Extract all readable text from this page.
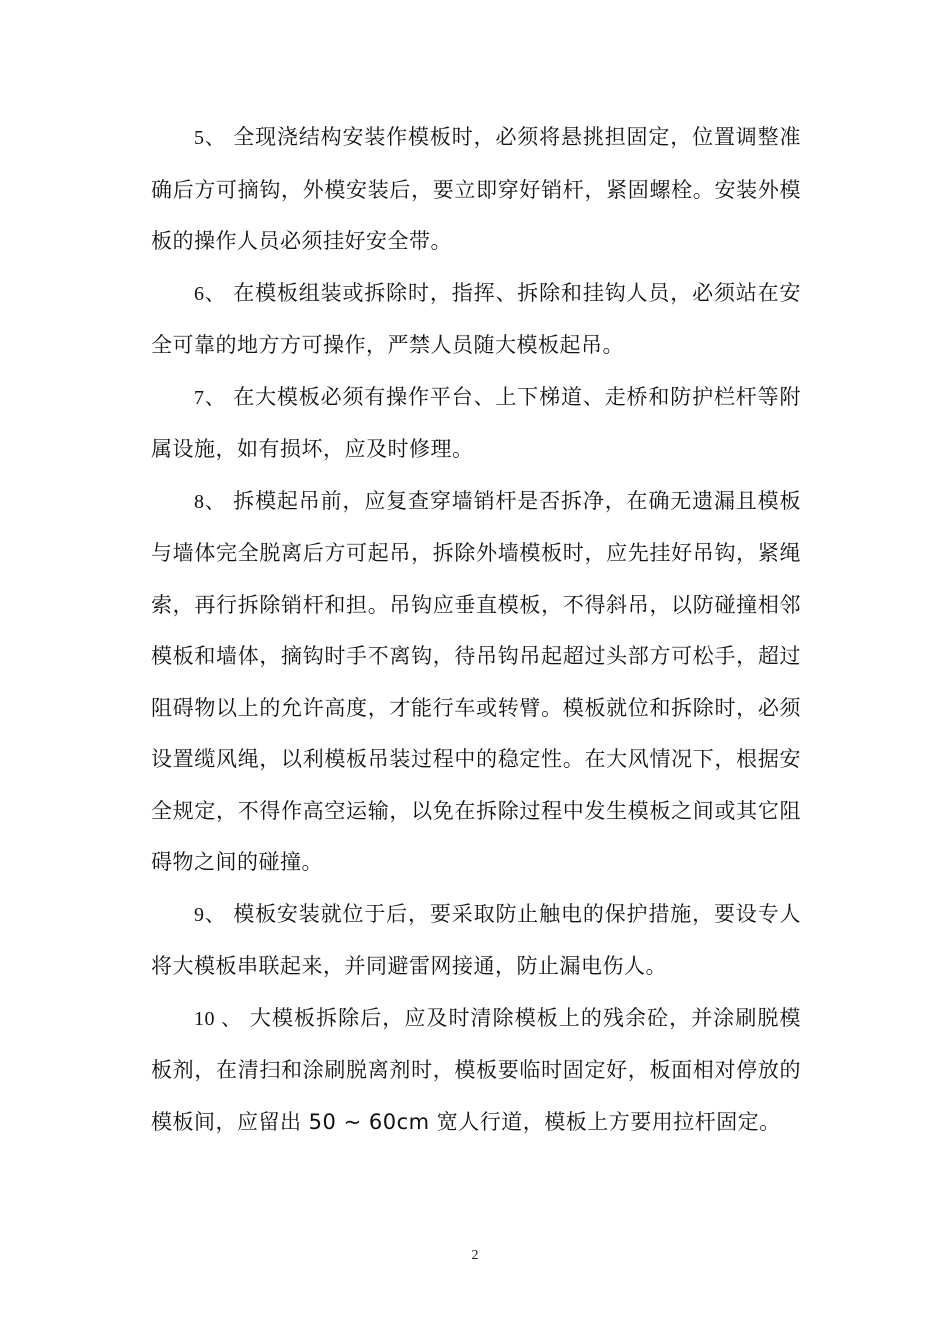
5、 全现浇结构安装作模板时，必须将悬挑担固定，位置调整准确后方可摘钩，外模安装后，要立即穿好销杆，紧固螺栓。安装外模板的操作人员必须挂好安全带。

6、 在模板组装或拆除时，指挥、拆除和挂钩人员，必须站在安全可靠的地方方可操作，严禁人员随大模板起吊。

7、 在大模板必须有操作平台、上下梯道、走桥和防护栏杆等附属设施，如有损坏，应及时修理。

8、 拆模起吊前，应复查穿墙销杆是否拆净，在确无遗漏且模板与墙体完全脱离后方可起吊，拆除外墙模板时，应先挂好吊钩，紧绳索，再行拆除销杆和担。吊钩应垂直模板，不得斜吊，以防碰撞相邻模板和墙体，摘钩时手不离钩，待吊钩吊起超过头部方可松手，超过阻碍物以上的允许高度，才能行车或转臂。模板就位和拆除时，必须设置缆风绳，以利模板吊装过程中的稳定性。在大风情况下，根据安全规定，不得作高空运输，以免在拆除过程中发生模板之间或其它阻碍物之间的碰撞。

9、 模板安装就位于后，要采取防止触电的保护措施，要设专人将大模板串联起来，并同避雷网接通，防止漏电伤人。

10 、 大模板拆除后，应及时清除模板上的残余砼，并涂刷脱模板剂，在清扫和涂刷脱离剂时，模板要临时固定好，板面相对停放的模板间，应留出 50 ~ 60cm 宽人行道，模板上方要用拉杆固定。

2
